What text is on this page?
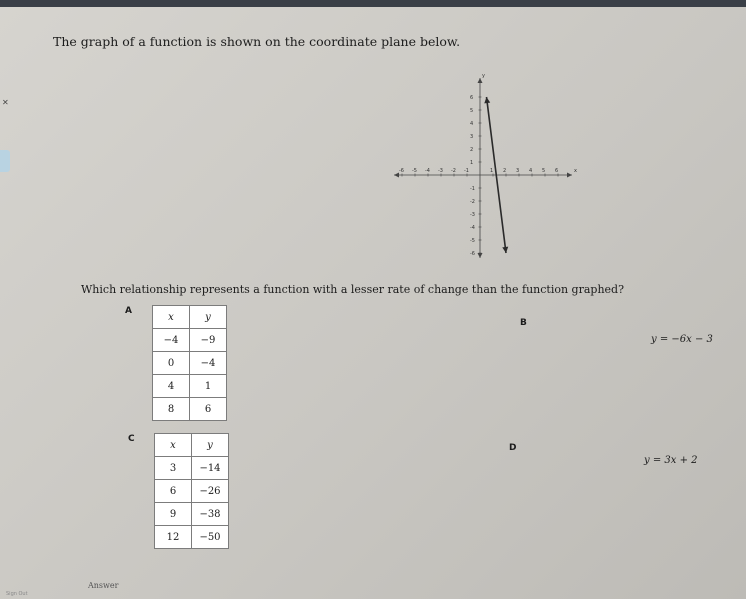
✕
The graph of a function is shown on the coordinate plane below.
x
y
-6 -5 -4 -3 -2 -1	1 2 3 4 5 6
6
5
4
3
2
1
-1
-2
-3
-4
-5
-6
Which relationship represents a function with a lesser rate of change than the function graphed?
A
x	y
−4	−9
0	−4
4	1
8	6
B
y = −6x − 3
C
x	y
3	−14
6	−26
9	−38
12	−50
D
y = 3x + 2
Answer
Sign Out
